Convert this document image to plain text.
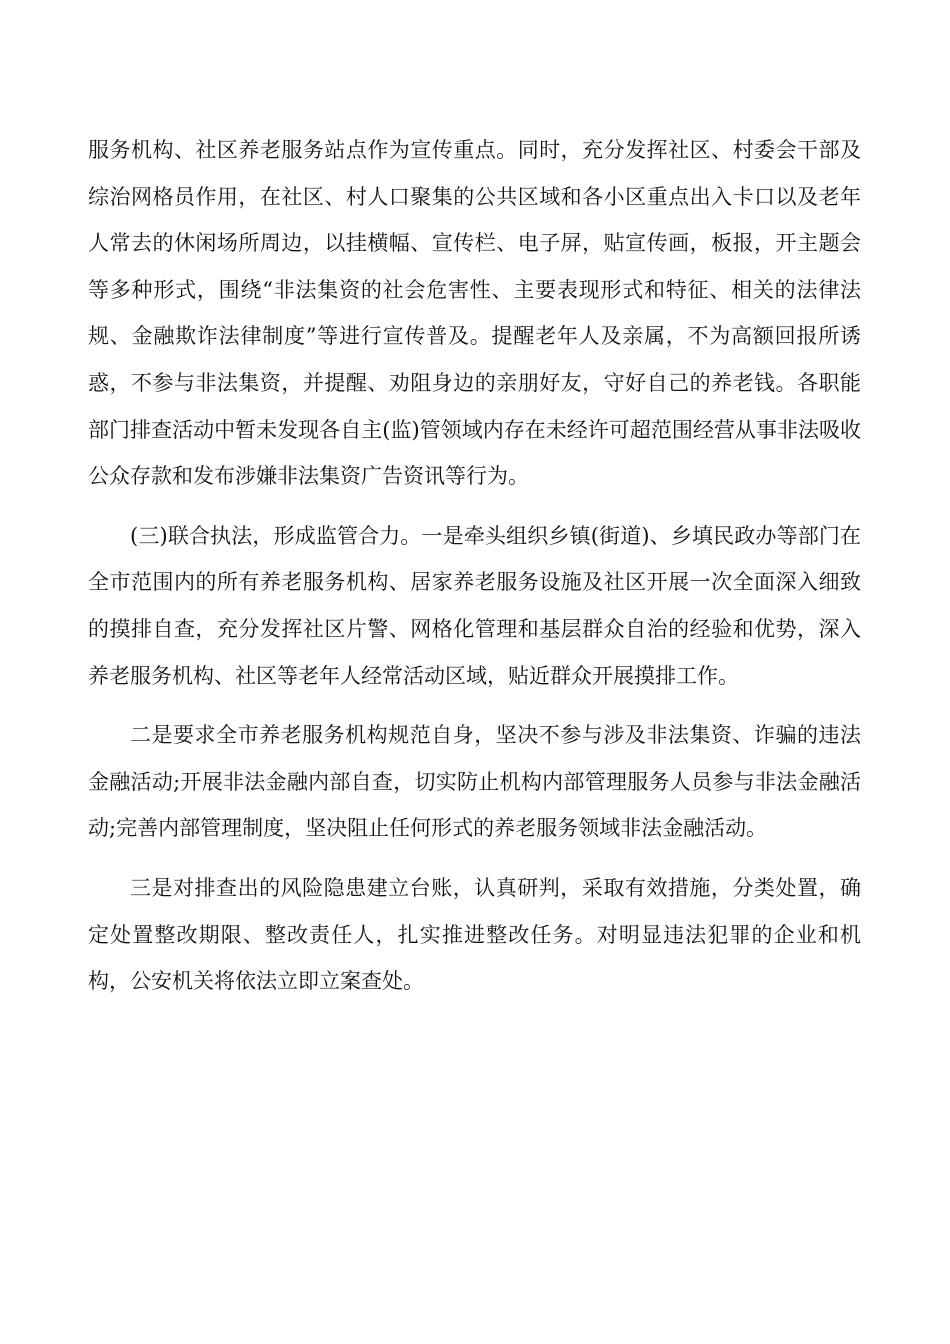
服务机构、社区养老服务站点作为宣传重点。同时，充分发挥社区、村委会干部及综治网格员作用，在社区、村人口聚集的公共区域和各小区重点出入卡口以及老年人常去的休闲场所周边，以挂横幅、宣传栏、电子屏，贴宣传画，板报，开主题会等多种形式，围绕“非法集资的社会危害性、主要表现形式和特征、相关的法律法规、金融欺诈法律制度”等进行宣传普及。提醒老年人及亲属，不为高额回报所诱惑，不参与非法集资，并提醒、劝阻身边的亲朋好友，守好自己的养老钱。各职能部门排查活动中暂未发现各自主(监)管领域内存在未经许可超范围经营从事非法吸收公众存款和发布涉嫌非法集资广告资讯等行为。

(三)联合执法，形成监管合力。一是牵头组织乡镇(街道)、乡填民政办等部门在全市范围内的所有养老服务机构、居家养老服务设施及社区开展一次全面深入细致的摸排自查，充分发挥社区片警、网格化管理和基层群众自治的经验和优势，深入养老服务机构、社区等老年人经常活动区域，贴近群众开展摸排工作。

二是要求全市养老服务机构规范自身，坚决不参与涉及非法集资、诈骗的违法金融活动;开展非法金融内部自查，切实防止机构内部管理服务人员参与非法金融活动;完善内部管理制度，坚决阻止任何形式的养老服务领域非法金融活动。

三是对排查出的风险隐患建立台账，认真研判，采取有效措施，分类处置，确定处置整改期限、整改责任人，扎实推进整改任务。对明显违法犯罪的企业和机构，公安机关将依法立即立案查处。
